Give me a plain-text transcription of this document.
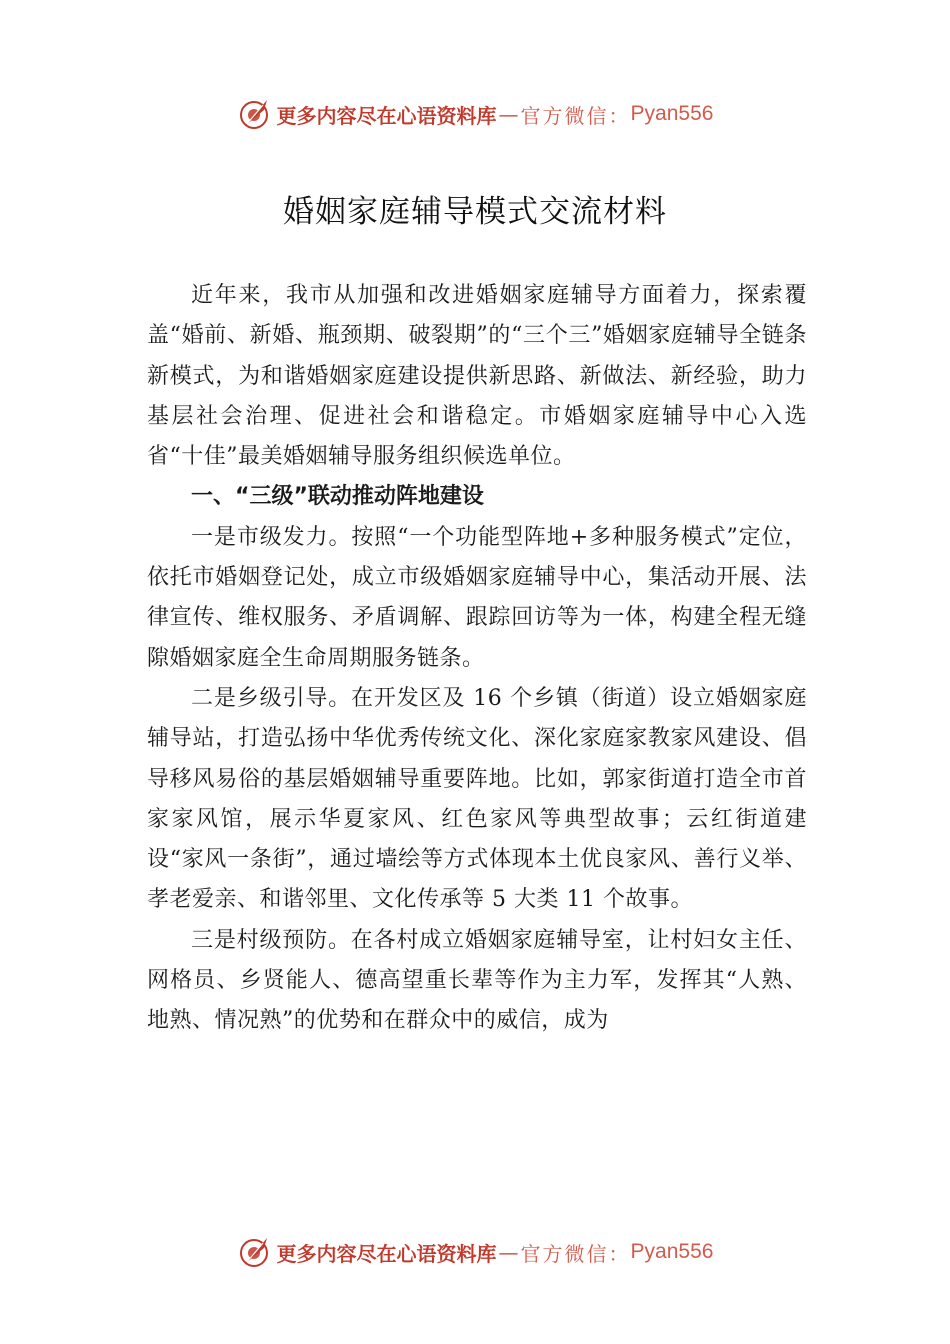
更多内容尽在心语资料库 — 官方微信： Pyan556
婚姻家庭辅导模式交流材料

近年来，我市从加强和改进婚姻家庭辅导方面着力，探索覆盖“婚前、新婚、瓶颈期、破裂期”的“三个三”婚姻家庭辅导全链条新模式，为和谐婚姻家庭建设提供新思路、新做法、新经验，助力基层社会治理、促进社会和谐稳定。市婚姻家庭辅导中心入选省“十佳”最美婚姻辅导服务组织候选单位。

一、“三级”联动推动阵地建设

一是市级发力。按照“一个功能型阵地+多种服务模式”定位，依托市婚姻登记处，成立市级婚姻家庭辅导中心，集活动开展、法律宣传、维权服务、矛盾调解、跟踪回访等为一体，构建全程无缝隙婚姻家庭全生命周期服务链条。

二是乡级引导。在开发区及 16 个乡镇（街道）设立婚姻家庭辅导站，打造弘扬中华优秀传统文化、深化家庭家教家风建设、倡导移风易俗的基层婚姻辅导重要阵地。比如，郭家街道打造全市首家家风馆，展示华夏家风、红色家风等典型故事；云红街道建设“家风一条街”，通过墙绘等方式体现本土优良家风、善行义举、孝老爱亲、和谐邻里、文化传承等 5 大类 11 个故事。

三是村级预防。在各村成立婚姻家庭辅导室，让村妇女主任、网格员、乡贤能人、德高望重长辈等作为主力军，发挥其“人熟、地熟、情况熟”的优势和在群众中的威信，成为

更多内容尽在心语资料库 — 官方微信： Pyan556
